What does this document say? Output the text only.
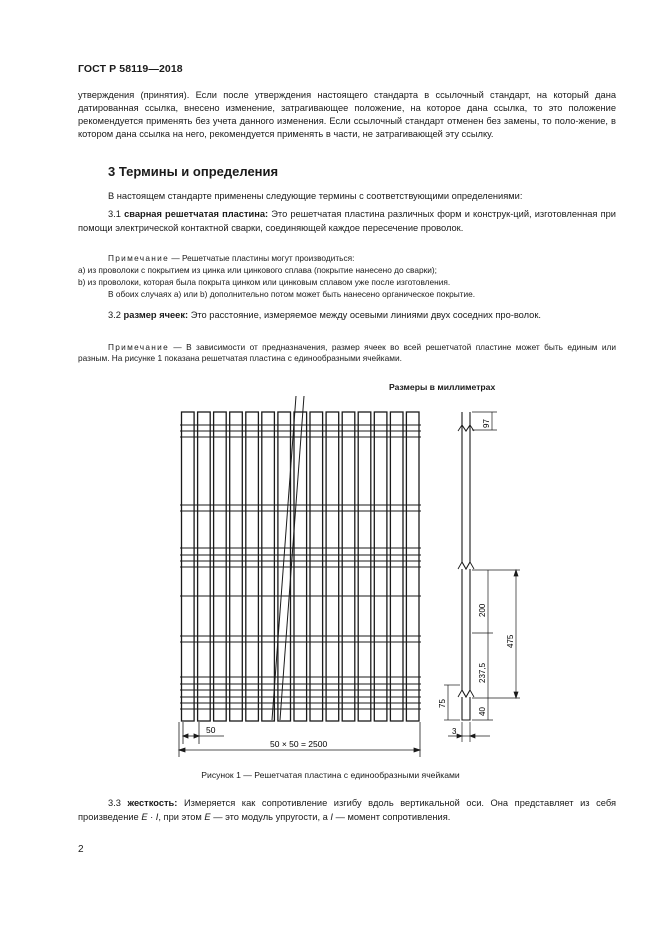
ГОСТ Р 58119—2018
утверждения (принятия). Если после утверждения настоящего стандарта в ссылочный стандарт, на который дана датированная ссылка, внесено изменение, затрагивающее положение, на которое дана ссылка, то это положение рекомендуется применять без учета данного изменения. Если ссылочный стандарт отменен без замены, то поло-жение, в котором дана ссылка на него, рекомендуется применять в части, не затрагивающей эту ссылку.
3 Термины и определения
В настоящем стандарте применены следующие термины с соответствующими определениями:
3.1 сварная решетчатая пластина: Это решетчатая пластина различных форм и конструк-ций, изготовленная при помощи электрической контактной сварки, соединяющей каждое пересечение проволок.
Примечание — Решетчатые пластины могут производиться:
а) из проволоки с покрытием из цинка или цинкового сплава (покрытие нанесено до сварки);
b) из проволоки, которая была покрыта цинком или цинковым сплавом уже после изготовления.
В обоих случаях а) или b) дополнительно потом может быть нанесено органическое покрытие.
3.2 размер ячеек: Это расстояние, измеряемое между осевыми линиями двух соседних про-волок.
Примечание — В зависимости от предназначения, размер ячеек во всей решетчатой пластине может быть единым или разным. На рисунке 1 показана решетчатая пластина с единообразными ячейками.
Размеры в миллиметрах
50
50 × 50 = 2500
97
200
475
237,5
40
75
3
Рисунок 1 — Решетчатая пластина с единообразными ячейками
3.3 жесткость: Измеряется как сопротивление изгибу вдоль вертикальной оси. Она представляет из себя произведение E · I, при этом E — это модуль упругости, а I — момент сопротивления.
2
